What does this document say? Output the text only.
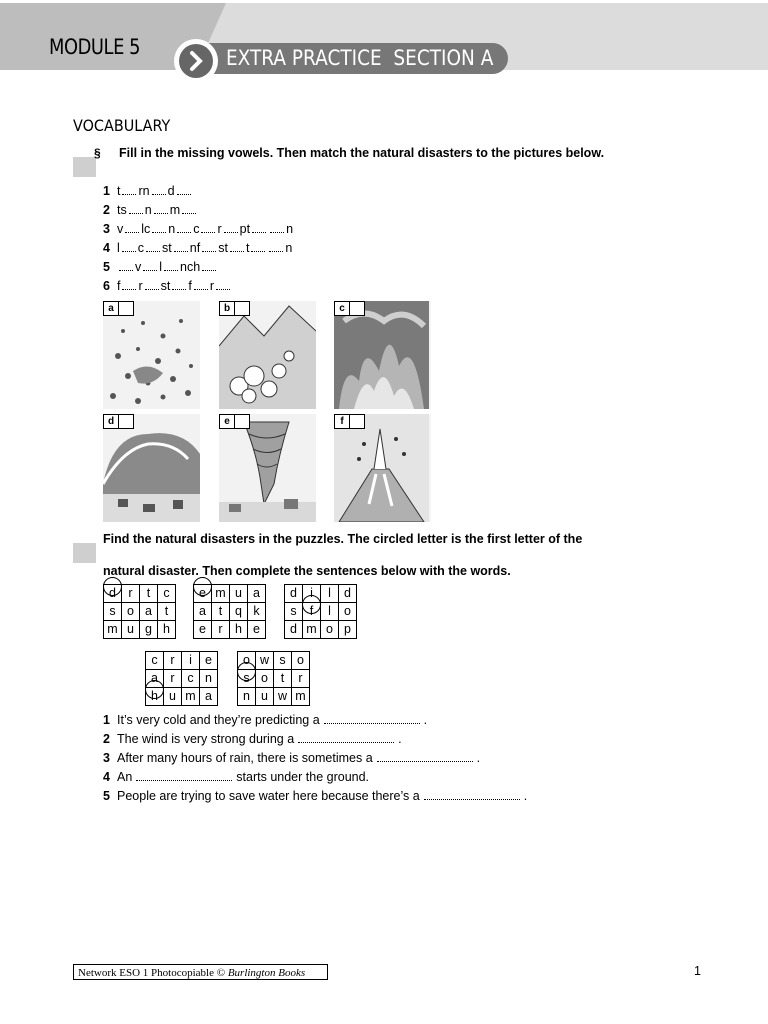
MODULE 5	EXTRA PRACTICE  SECTION A
VOCABULARY
§ Fill in the missing vowels. Then match the natural disasters to the pictures below.
1 t rn d
2 ts n m
3 v lc n c r pt	n
4 l c st nf st t	n
5 v l nch
6 f r st f r
a	b	c
d	e	f
Find the natural disasters in the puzzles. The circled letter is the first letter of the
natural disaster. Then complete the sentences below with the words.
d	r	t	c
s	o	a	t
m	u	g	h
e	m	u	a
a	t	q	k
e	r	h	e
d	i	l	d
s	f	l	o
d	m	o	p
c	r	i	e
a	r	c	n
h	u	m	a
o	w	s	o
s	o	t	r
n	u	w	m
1 It’s very cold and they’re predicting a	.
2 The wind is very strong during a	.
3 After many hours of rain, there is sometimes a	.
4 An	starts under the ground.
5 People are trying to save water here because there’s a	.
Network ESO 1 Photocopiable © Burlington Books	1
